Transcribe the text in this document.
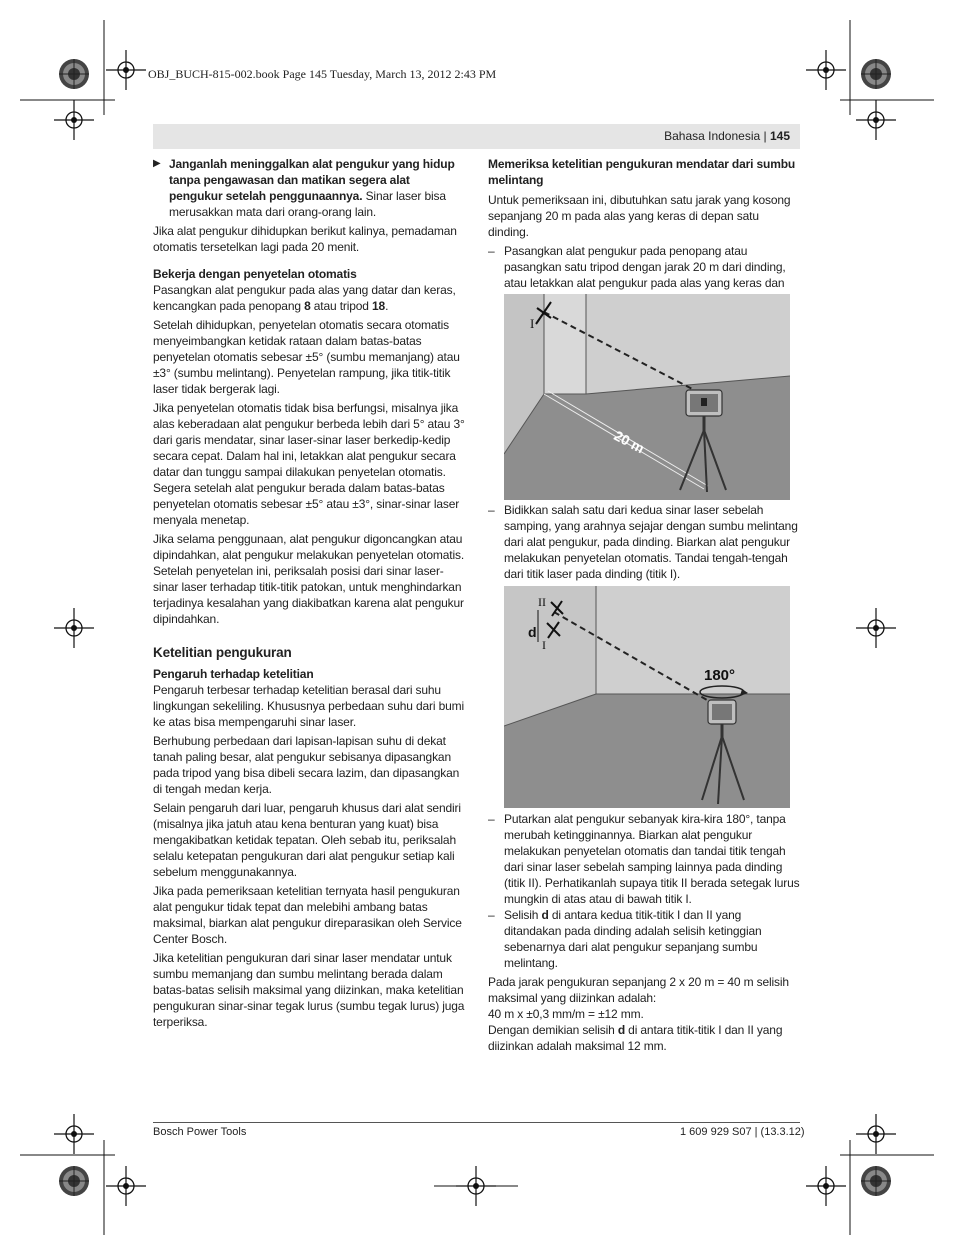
OBJ_BUCH-815-002.book Page 145 Tuesday, March 13, 2012 2:43 PM
Bahasa Indonesia | 145
▶ Janganlah meninggalkan alat pengukur yang hidup tanpa pengawasan dan matikan segera alat pengukur setelah penggunaannya. Sinar laser bisa merusakkan mata dari orang-orang lain.

Jika alat pengukur dihidupkan berikut kalinya, pemadaman otomatis tersetelkan lagi pada 20 menit.

Bekerja dengan penyetelan otomatis

Pasangkan alat pengukur pada alas yang datar dan keras, kencangkan pada penopang 8 atau tripod 18.

Setelah dihidupkan, penyetelan otomatis secara otomatis menyeimbangkan ketidak rataan dalam batas-batas penyetelan otomatis sebesar ±5° (sumbu memanjang) atau ±3° (sumbu melintang). Penyetelan rampung, jika titik-titik laser tidak bergerak lagi.

Jika penyetelan otomatis tidak bisa berfungsi, misalnya jika alas keberadaan alat pengukur berbeda lebih dari 5° atau 3° dari garis mendatar, sinar laser-sinar laser berkedip-kedip secara cepat. Dalam hal ini, letakkan alat pengukur secara datar dan tunggu sampai dilakukan penyetelan otomatis. Segera setelah alat pengukur berada dalam batas-batas penyetelan otomatis sebesar ±5° atau ±3°, sinar-sinar laser menyala menetap.

Jika selama penggunaan, alat pengukur digoncangkan atau dipindahkan, alat pengukur melakukan penyetelan otomatis. Setelah penyetelan ini, periksalah posisi dari sinar laser-sinar laser terhadap titik-titik patokan, untuk menghindarkan terjadinya kesalahan yang diakibatkan karena alat pengukur dipindahkan.

Ketelitian pengukuran
Pengaruh terhadap ketelitian

Pengaruh terbesar terhadap ketelitian berasal dari suhu lingkungan sekeliling. Khususnya perbedaan suhu dari bumi ke atas bisa mempengaruhi sinar laser.

Berhubung perbedaan dari lapisan-lapisan suhu di dekat tanah paling besar, alat pengukur sebisanya dipasangkan pada tripod yang bisa dibeli secara lazim, dan dipasangkan di tengah medan kerja.

Selain pengaruh dari luar, pengaruh khusus dari alat sendiri (misalnya jika jatuh atau kena benturan yang kuat) bisa mengakibatkan ketidak tepatan. Oleh sebab itu, periksalah selalu ketepatan pengukuran dari alat pengukur setiap kali sebelum menggunakannya.

Jika pada pemeriksaan ketelitian ternyata hasil pengukuran alat pengukur tidak tepat dan melebihi ambang batas maksimal, biarkan alat pengukur direparasikan oleh Service Center Bosch.

Jika ketelitian pengukuran dari sinar laser mendatar untuk sumbu memanjang dan sumbu melintang berada dalam batas-batas selisih maksimal yang diizinkan, maka ketelitian pengukuran sinar-sinar tegak lurus (sumbu tegak lurus) juga terperiksa.

Memeriksa ketelitian pengukuran mendatar dari sumbu melintang

Untuk pemeriksaan ini, dibutuhkan satu jarak yang kosong sepanjang 20 m pada alas yang keras di depan satu dinding.

– Pasangkan alat pengukur pada penopang atau pasangkan satu tripod dengan jarak 20 m dari dinding, atau letakkan alat pengukur pada alas yang keras dan

I
20 m
– Bidikkan salah satu dari kedua sinar laser sebelah samping, yang arahnya sejajar dengan sumbu melintang dari alat pengukur, pada dinding. Biarkan alat pengukur melakukan penyetelan otomatis. Tandai tengah-tengah dari titik laser pada dinding (titik I).

II
I
d
180°
– Putarkan alat pengukur sebanyak kira-kira 180°, tanpa merubah ketingginannya. Biarkan alat pengukur melakukan penyetelan otomatis dan tandai titik tengah dari sinar laser sebelah samping lainnya pada dinding (titik II). Perhatikanlah supaya titik II berada setegak lurus mungkin di atas atau di bawah titik I.

– Selisih d di antara kedua titik-titik I dan II yang ditandakan pada dinding adalah selisih ketinggian sebenarnya dari alat pengukur sepanjang sumbu melintang.

Pada jarak pengukuran sepanjang 2 x 20 m = 40 m selisih maksimal yang diizinkan adalah:

40 m x ±0,3 mm/m = ±12 mm.

Dengan demikian selisih d di antara titik-titik I dan II yang diizinkan adalah maksimal 12 mm.

Bosch Power Tools	1 609 929 S07 | (13.3.12)
